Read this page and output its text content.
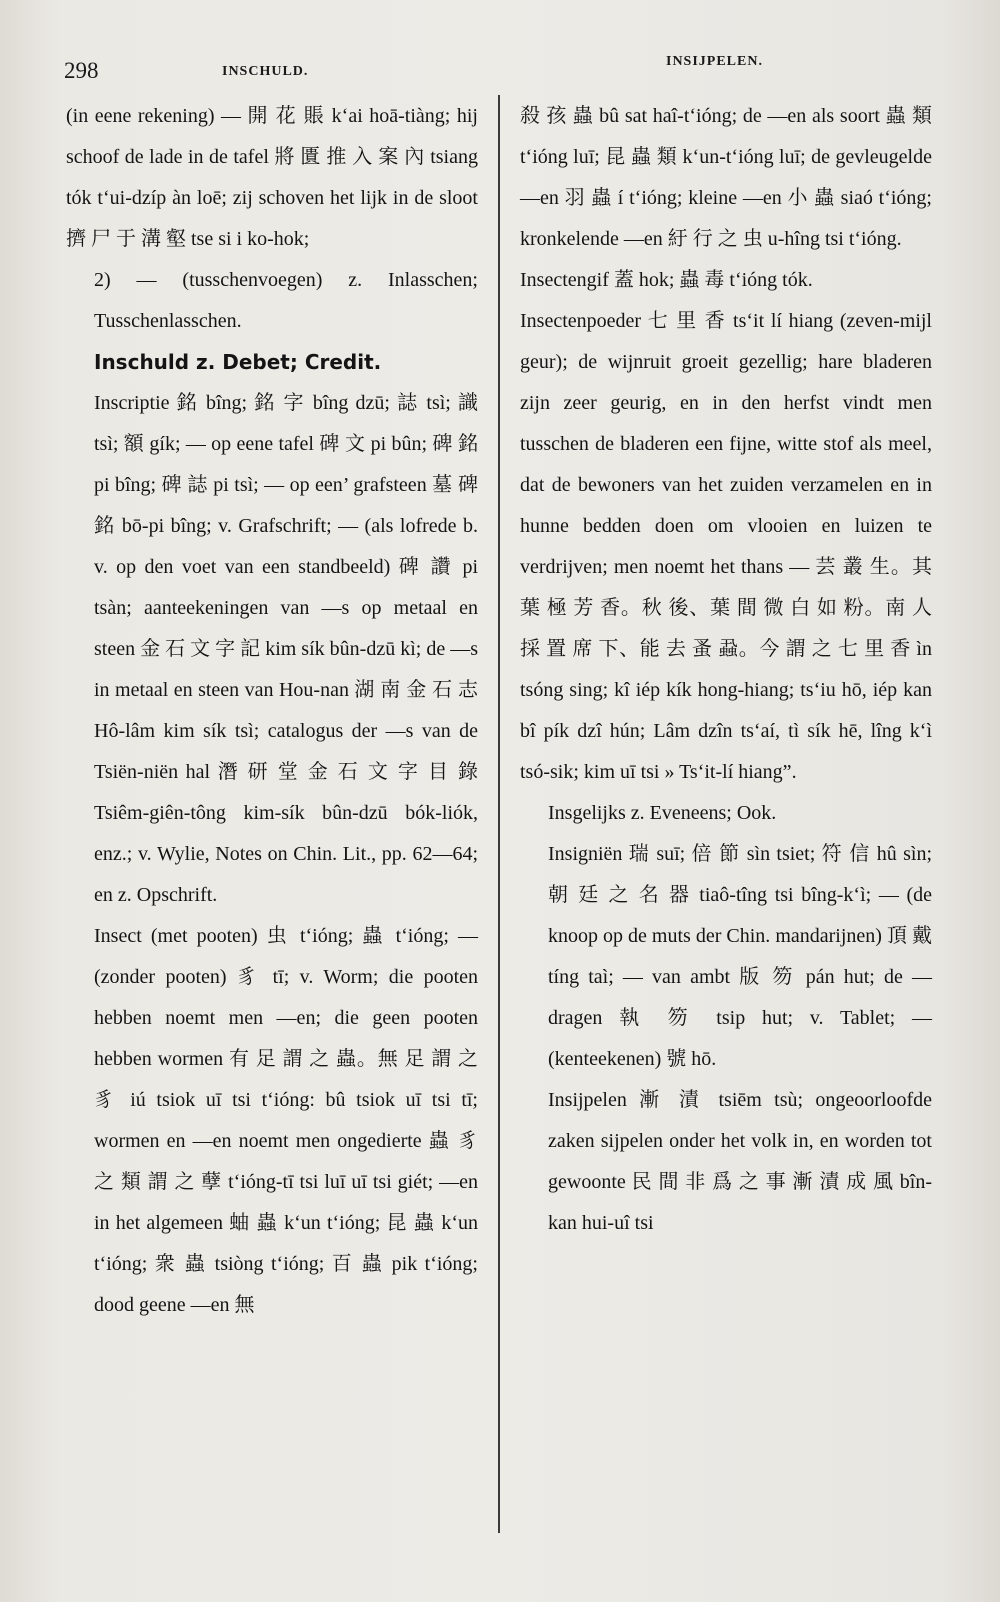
298	INSCHULD.
INSIJPELEN.

(in eene rekening) — 開 花 賬 k‘ai hoā-tiàng; hij schoof de lade in de tafel 將 匱 推 入 案 內 tsiang tók t‘ui-dzíp àn loē; zij schoven het lijk in de sloot 擠 尸 于 溝 壑 tse si i ko-hok;

2) — (tusschenvoegen) z. Inlasschen; Tusschenlasschen.

Inschuld z. Debet; Credit.

Inscriptie 銘 bîng; 銘 字 bîng dzū; 誌 tsì; 識 tsì; 額 gík; — op eene tafel 碑 文 pi bûn; 碑 銘 pi bîng; 碑 誌 pi tsì; — op een’ grafsteen 墓 碑 銘 bō-pi bîng; v. Grafschrift; — (als lofrede b. v. op den voet van een standbeeld) 碑 讚 pi tsàn; aanteekeningen van —s op metaal en steen 金 石 文 字 記 kim sík bûn-dzū kì; de —s in metaal en steen van Hou-nan 湖 南 金 石 志 Hô-lâm kim sík tsì; catalogus der —s van de Tsiën-niën hal 潛 研 堂 金 石 文 字 目 錄 Tsiêm-giên-tông kim-sík bûn-dzū bók-liók, enz.; v. Wylie, Notes on Chin. Lit., pp. 62—64; en z. Opschrift.

Insect (met pooten) 虫 t‘ióng; 蟲 t‘ióng; — (zonder pooten) 豸 tī; v. Worm; die pooten hebben noemt men —en; die geen pooten hebben wormen 有 足 謂 之 蟲。無 足 謂 之 豸 iú tsiok uī tsi t‘ióng: bû tsiok uī tsi tī; wormen en —en noemt men ongedierte 蟲 豸 之 類 謂 之 孽 t‘ióng-tī tsi luī uī tsi giét; —en in het algemeen 蚰 蟲 k‘un t‘ióng; 昆 蟲 k‘un t‘ióng; 衆 蟲 tsiòng t‘ióng; 百 蟲 pik t‘ióng; dood geene —en 無

殺 孩 蟲 bû sat haî-t‘ióng; de —en als soort 蟲 類 t‘ióng luī; 昆 蟲 類 k‘un-t‘ióng luī; de gevleugelde —en 羽 蟲 í t‘ióng; kleine —en 小 蟲 siaó t‘ióng; kronkelende —en 紆 行 之 虫 u-hîng tsi t‘ióng.

Insectengif 蓋 hok; 蟲 毒 t‘ióng tók.

Insectenpoeder 七 里 香 ts‘it lí hiang (zeven-mijl geur); de wijnruit groeit gezellig; hare bladeren zijn zeer geurig, en in den herfst vindt men tusschen de bladeren een fijne, witte stof als meel, dat de bewoners van het zuiden verzamelen en in hunne bedden doen om vlooien en luizen te verdrijven; men noemt het thans — 芸 叢 生。其 葉 極 芳 香。秋 後、葉 間 微 白 如 粉。南 人 採 置 席 下、能 去 蚤 蝨。今 謂 之 七 里 香 ìn tsóng sing; kî iép kík hong-hiang; ts‘iu hō, iép kan bî pík dzî hún; Lâm dzîn ts‘aí, tì sík hē, lîng k‘ì tsó-sik; kim uī tsi » Ts‘it-lí hiang”.

Insgelijks z. Eveneens; Ook.

Insigniën 瑞 suī; 倍 節 sìn tsiet; 符 信 hû sìn; 朝 廷 之 名 器 tiaô-tîng tsi bîng-k‘ì; — (de knoop op de muts der Chin. mandarijnen) 頂 戴 tíng taì; — van ambt 版 笏 pán hut; de — dragen 執 笏 tsip hut; v. Tablet; — (kenteekenen) 號 hō.

Insijpelen 漸 漬 tsiēm tsù; ongeoorloofde zaken sijpelen onder het volk in, en worden tot gewoonte 民 間 非 爲 之 事 漸 漬 成 風 bîn-kan hui-uî tsi
